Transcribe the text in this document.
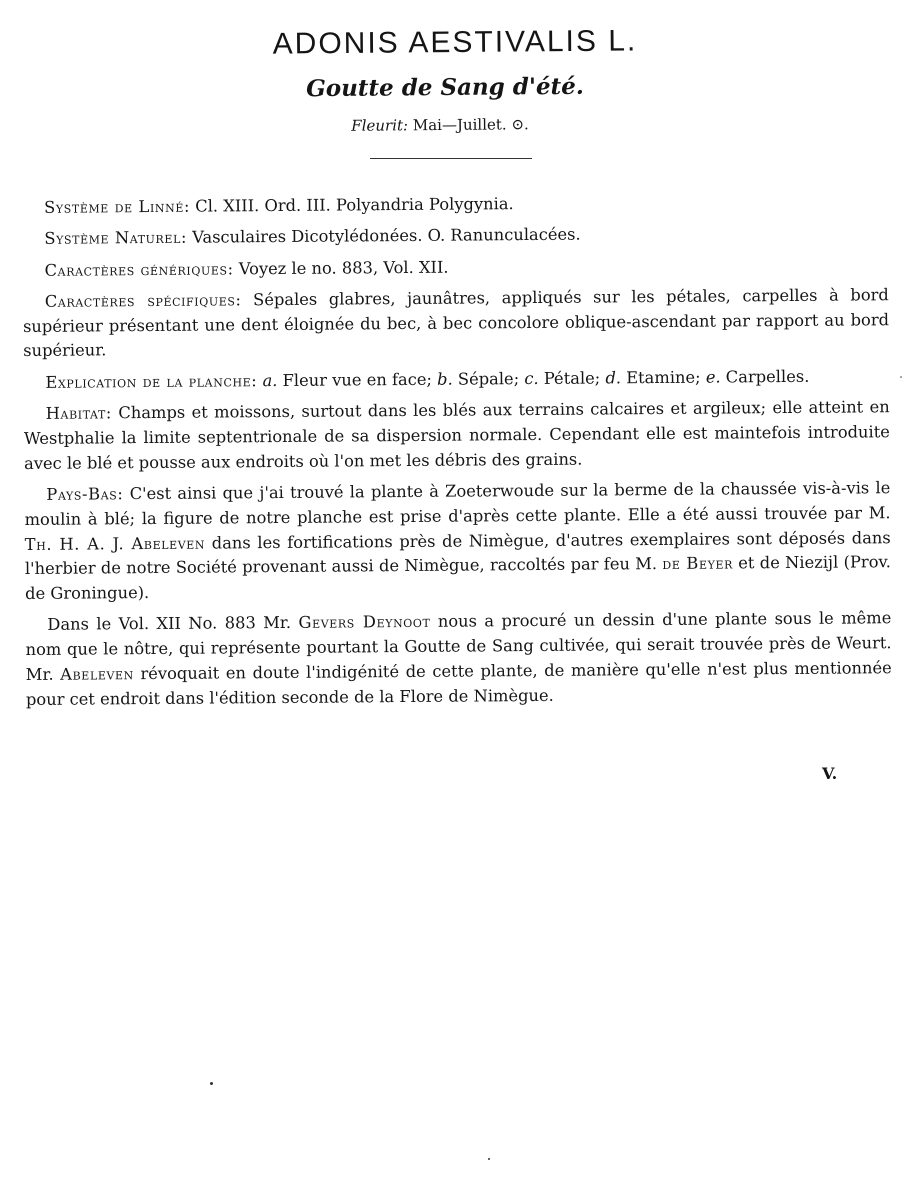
ADONIS AESTIVALIS L.
Goutte de Sang d'été.
Fleurit: Mai—Juillet. ⊙.

Système de Linné: Cl. XIII. Ord. III. Polyandria Polygynia.

Système Naturel: Vasculaires Dicotylédonées. O. Ranunculacées.

Caractères génériques: Voyez le no. 883, Vol. XII.

Caractères spécifiques: Sépales glabres, jaunâtres, appliqués sur les pétales, carpelles à bord supérieur présentant une dent éloignée du bec, à bec concolore oblique-ascendant par rapport au bord supérieur.

Explication de la planche: a. Fleur vue en face; b. Sépale; c. Pétale; d. Etamine; e. Carpelles.

Habitat: Champs et moissons, surtout dans les blés aux terrains calcaires et argileux; elle atteint en Westphalie la limite septentrionale de sa dispersion normale. Cependant elle est maintefois introduite avec le blé et pousse aux endroits où l'on met les débris des grains.

Pays-Bas: C'est ainsi que j'ai trouvé la plante à Zoeterwoude sur la berme de la chaussée vis-à-vis le moulin à blé; la figure de notre planche est prise d'après cette plante. Elle a été aussi trouvée par M. Th. H. A. J. Abeleven dans les fortifications près de Nimègue, d'autres exemplaires sont déposés dans l'herbier de notre Société provenant aussi de Nimègue, raccoltés par feu M. de Beyer et de Niezijl (Prov. de Groningue).

Dans le Vol. XII No. 883 Mr. Gevers Deynoot nous a procuré un dessin d'une plante sous le même nom que le nôtre, qui représente pourtant la Goutte de Sang cultivée, qui serait trouvée près de Weurt. Mr. Abeleven révoquait en doute l'indigénité de cette plante, de manière qu'elle n'est plus mentionnée pour cet endroit dans l'édition seconde de la Flore de Nimègue.

V.
